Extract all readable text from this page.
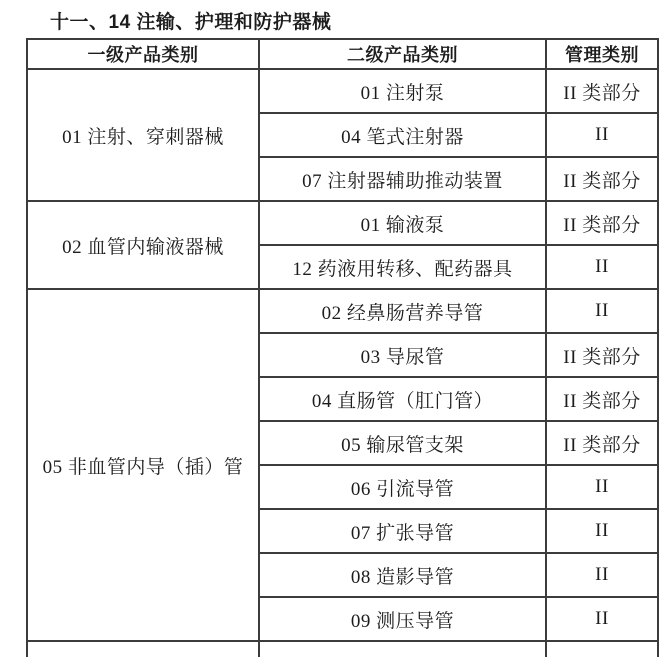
十一、14 注输、护理和防护器械
一级产品类别	二级产品类别	管理类别
01 注射、穿刺器械	01 注射泵	II 类部分
	04 笔式注射器	II
	07 注射器辅助推动装置	II 类部分
02 血管内输液器械	01 输液泵	II 类部分
	12 药液用转移、配药器具	II
05 非血管内导（插）管	02 经鼻肠营养导管	II
	03 导尿管	II 类部分
	04 直肠管（肛门管）	II 类部分
	05 输尿管支架	II 类部分
	06 引流导管	II
	07 扩张导管	II
	08 造影导管	II
	09 测压导管	II
